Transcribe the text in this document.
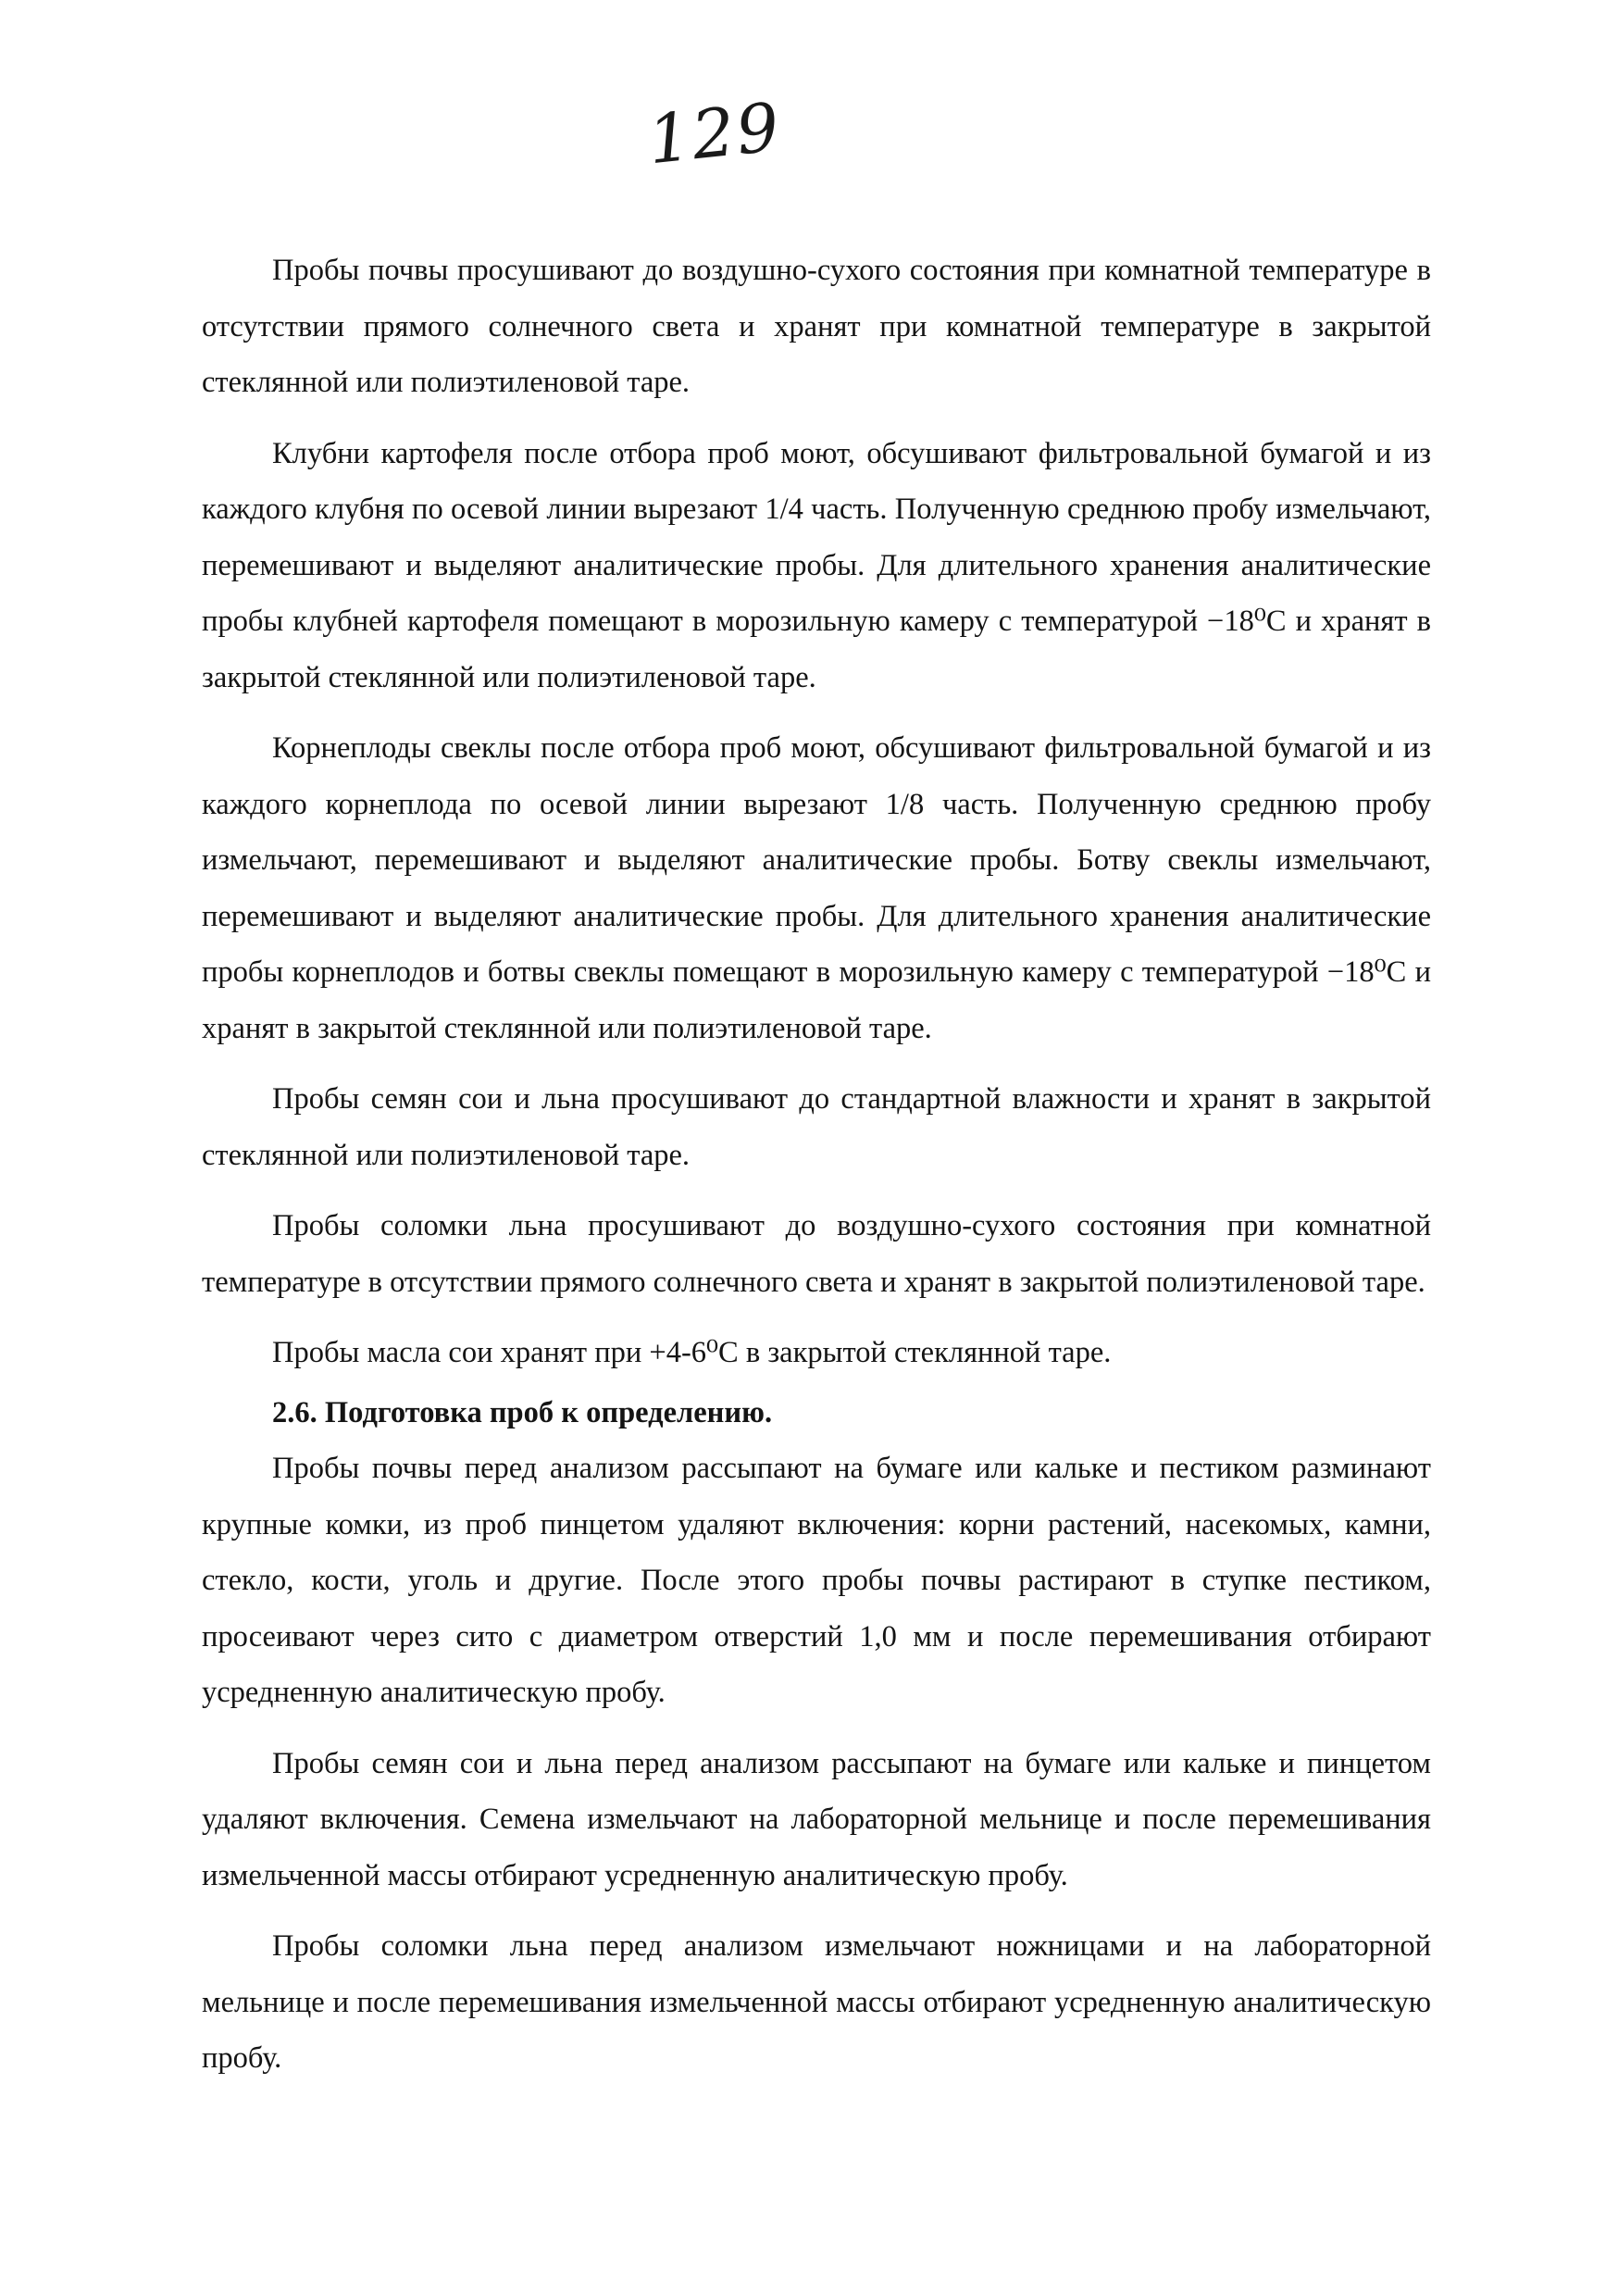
129

Пробы почвы просушивают до воздушно-сухого состояния при комнатной температуре в отсутствии прямого солнечного света и хранят при комнатной температуре в закрытой стеклянной или полиэтиленовой таре.

Клубни картофеля после отбора проб моют, обсушивают фильтровальной бумагой и из каждого клубня по осевой линии вырезают 1/4 часть. Полученную среднюю пробу измельчают, перемешивают и выделяют аналитические пробы. Для длительного хранения аналитические пробы клубней картофеля помещают в морозильную камеру с температурой −18⁰С и хранят в закрытой стеклянной или полиэтиленовой таре.

Корнеплоды свеклы после отбора проб моют, обсушивают фильтровальной бумагой и из каждого корнеплода по осевой линии вырезают 1/8 часть. Полученную среднюю пробу измельчают, перемешивают и выделяют аналитические пробы. Ботву свеклы измельчают, перемешивают и выделяют аналитические пробы. Для длительного хранения аналитические пробы корнеплодов и ботвы свеклы помещают в морозильную камеру с температурой −18⁰С и хранят в закрытой стеклянной или полиэтиленовой таре.

Пробы семян сои и льна просушивают до стандартной влажности и хранят в закрытой стеклянной или полиэтиленовой таре.

Пробы соломки льна просушивают до воздушно-сухого состояния при комнатной температуре в отсутствии прямого солнечного света и хранят в закрытой полиэтиленовой таре.

Пробы масла сои хранят при +4-6⁰С в закрытой стеклянной таре.

2.6. Подготовка проб к определению.

Пробы почвы перед анализом рассыпают на бумаге или кальке и пестиком разминают крупные комки, из проб пинцетом удаляют включения: корни растений, насекомых, камни, стекло, кости, уголь и другие. После этого пробы почвы растирают в ступке пестиком, просеивают через сито с диаметром отверстий 1,0 мм и после перемешивания отбирают усредненную аналитическую пробу.

Пробы семян сои и льна перед анализом рассыпают на бумаге или кальке и пинцетом удаляют включения. Семена измельчают на лабораторной мельнице и после перемешивания измельченной массы отбирают усредненную аналитическую пробу.

Пробы соломки льна перед анализом измельчают ножницами и на лабораторной мельнице и после перемешивания измельченной массы отбирают усредненную аналитическую пробу.
